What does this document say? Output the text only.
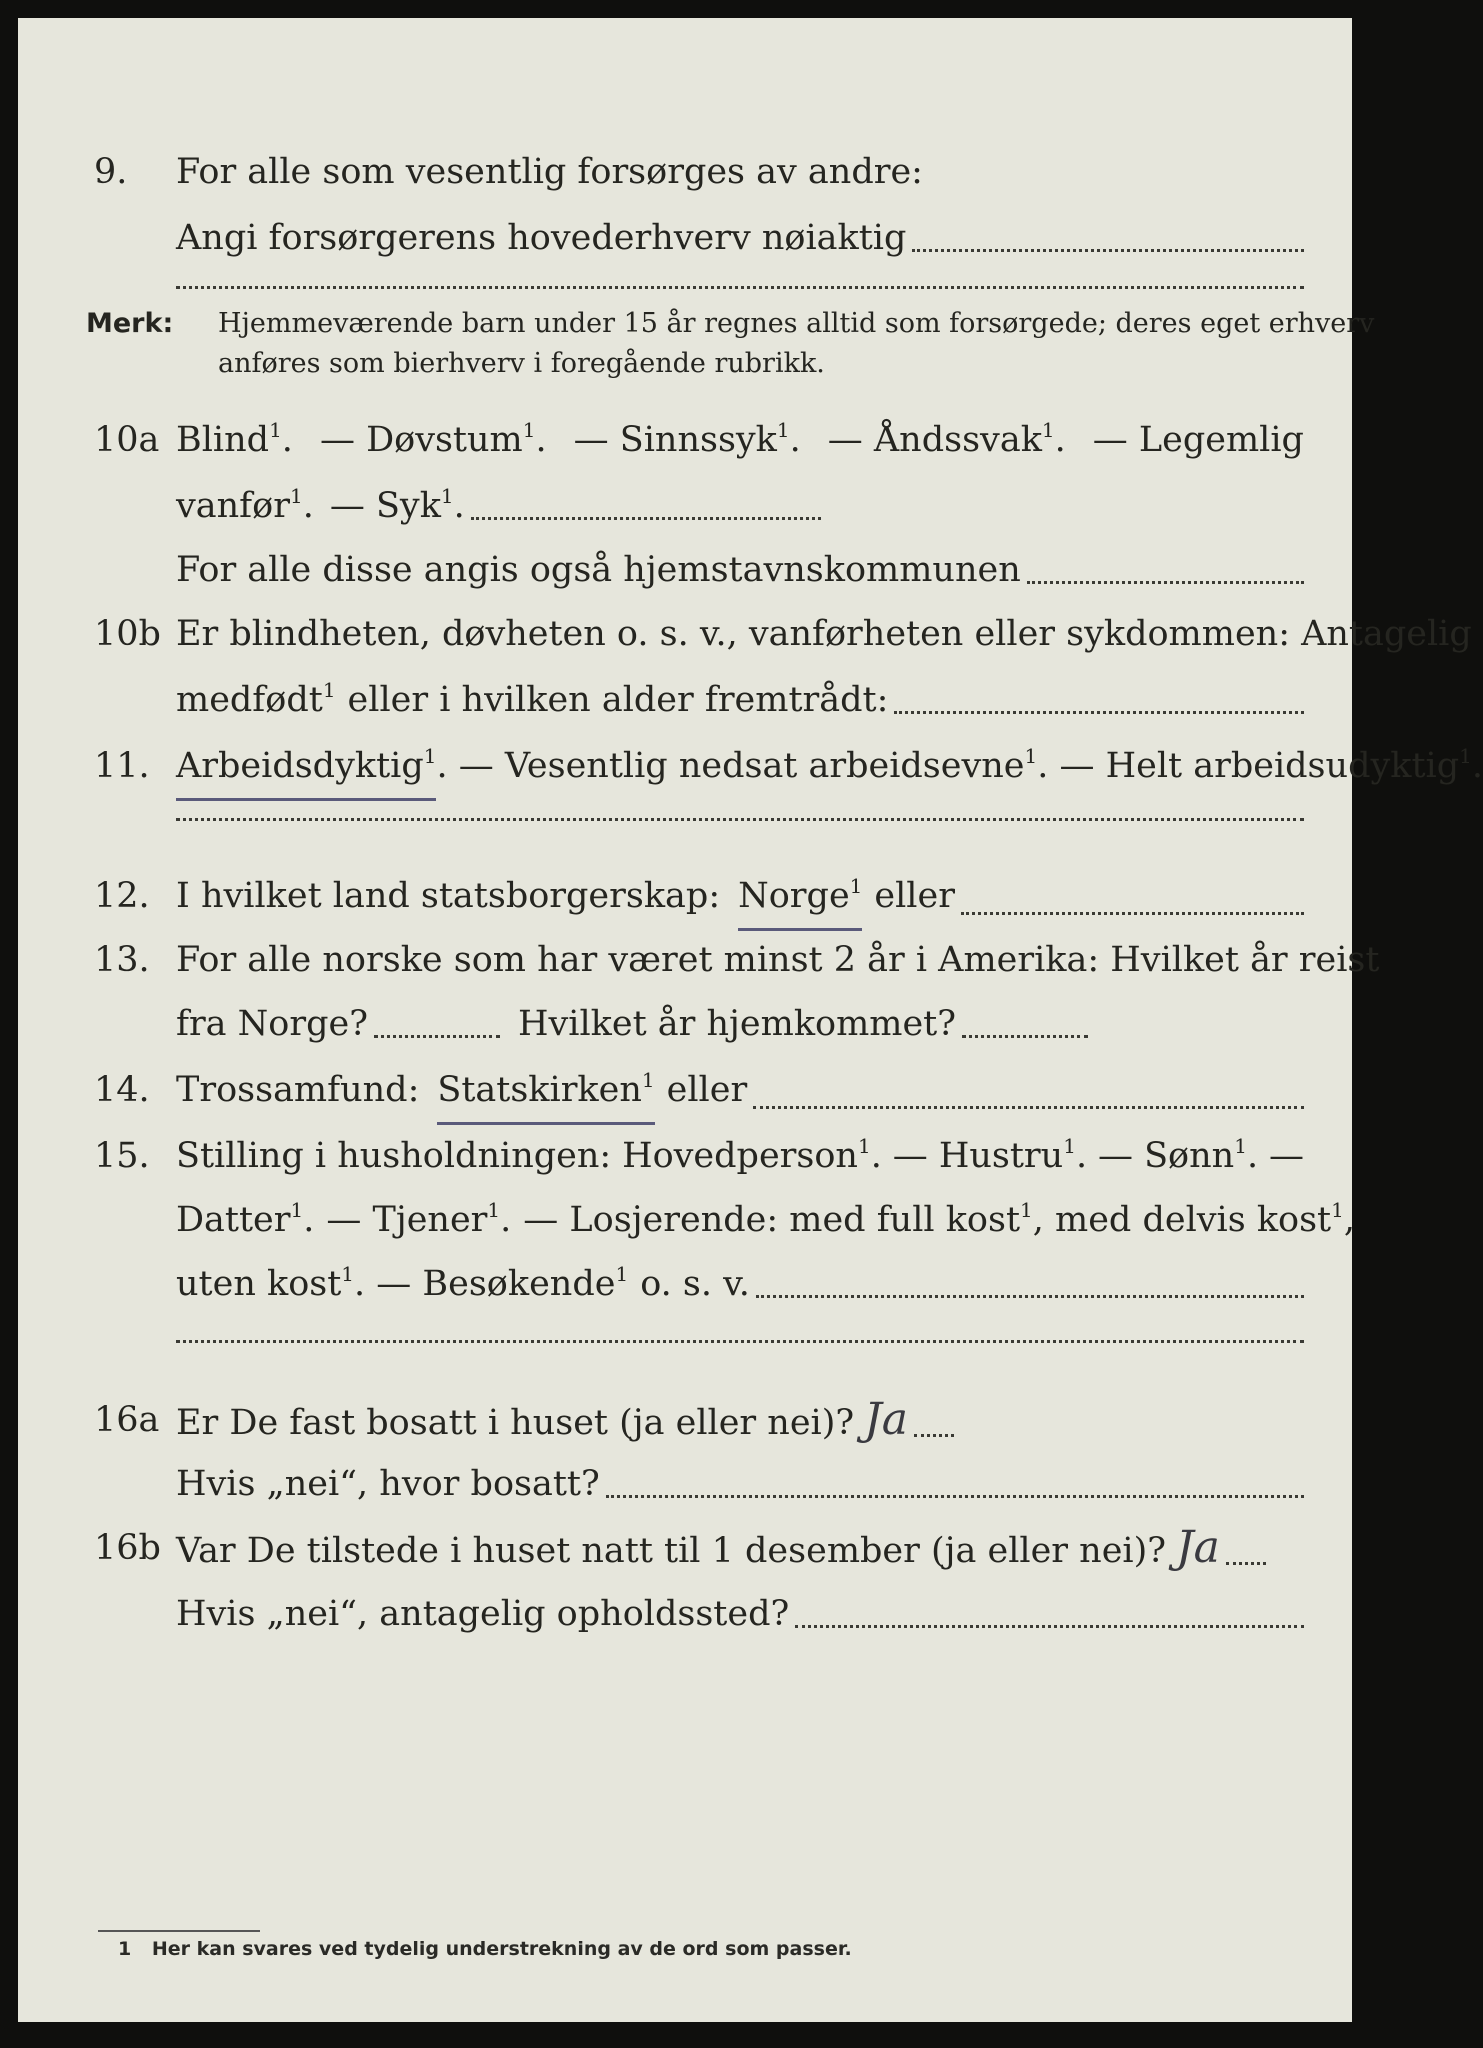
9. For alle som vesentlig forsørges av andre:
Angi forsørgerens hovederhverv nøiaktig
Merk: Hjemmeværende barn under 15 år regnes alltid som forsørgede; deres eget erhverv
anføres som bierhverv i foregående rubrikk.
10a Blind$^1$. — Døvstum$^1$. — Sinnssyk$^1$. — Åndssvak$^1$. — Legemlig
vanfør$^1$. — Syk$^1$.
For alle disse angis også hjemstavnskommunen
10b Er blindheten, døvheten o. s. v., vanførheten eller sykdommen: Antagelig
medfødt$^1$ eller i hvilken alder fremtrådt:
11. Arbeidsdyktig$^1$ . — Vesentlig nedsat arbeidsevne$^1$ . — Helt arbeidsudyktig$^1$.
12. I hvilket land statsborgerskap: Norge$^1$ eller
13. For alle norske som har været minst 2 år i Amerika: Hvilket år reist
fra Norge?	Hvilket år hjemkommet?
14. Trossamfund: Statskirken$^1$ eller
15. Stilling i husholdningen: Hovedperson$^1$. — Hustru$^1$. — Sønn$^1$. —
Datter$^1$. — Tjener$^1$. — Losjerende: med full kost$^1$ , med delvis kost$^1$,
uten kost$^1$ . — Besøkende$^1$ o. s. v.
16a Er De fast bosatt i huset (ja eller nei)? Ja
Hvis „nei“, hvor bosatt?
16b Var De tilstede i huset natt til 1 desember (ja eller nei)? Ja
Hvis „nei“, antagelig opholdssted?
1 Her kan svares ved tydelig understrekning av de ord som passer.
